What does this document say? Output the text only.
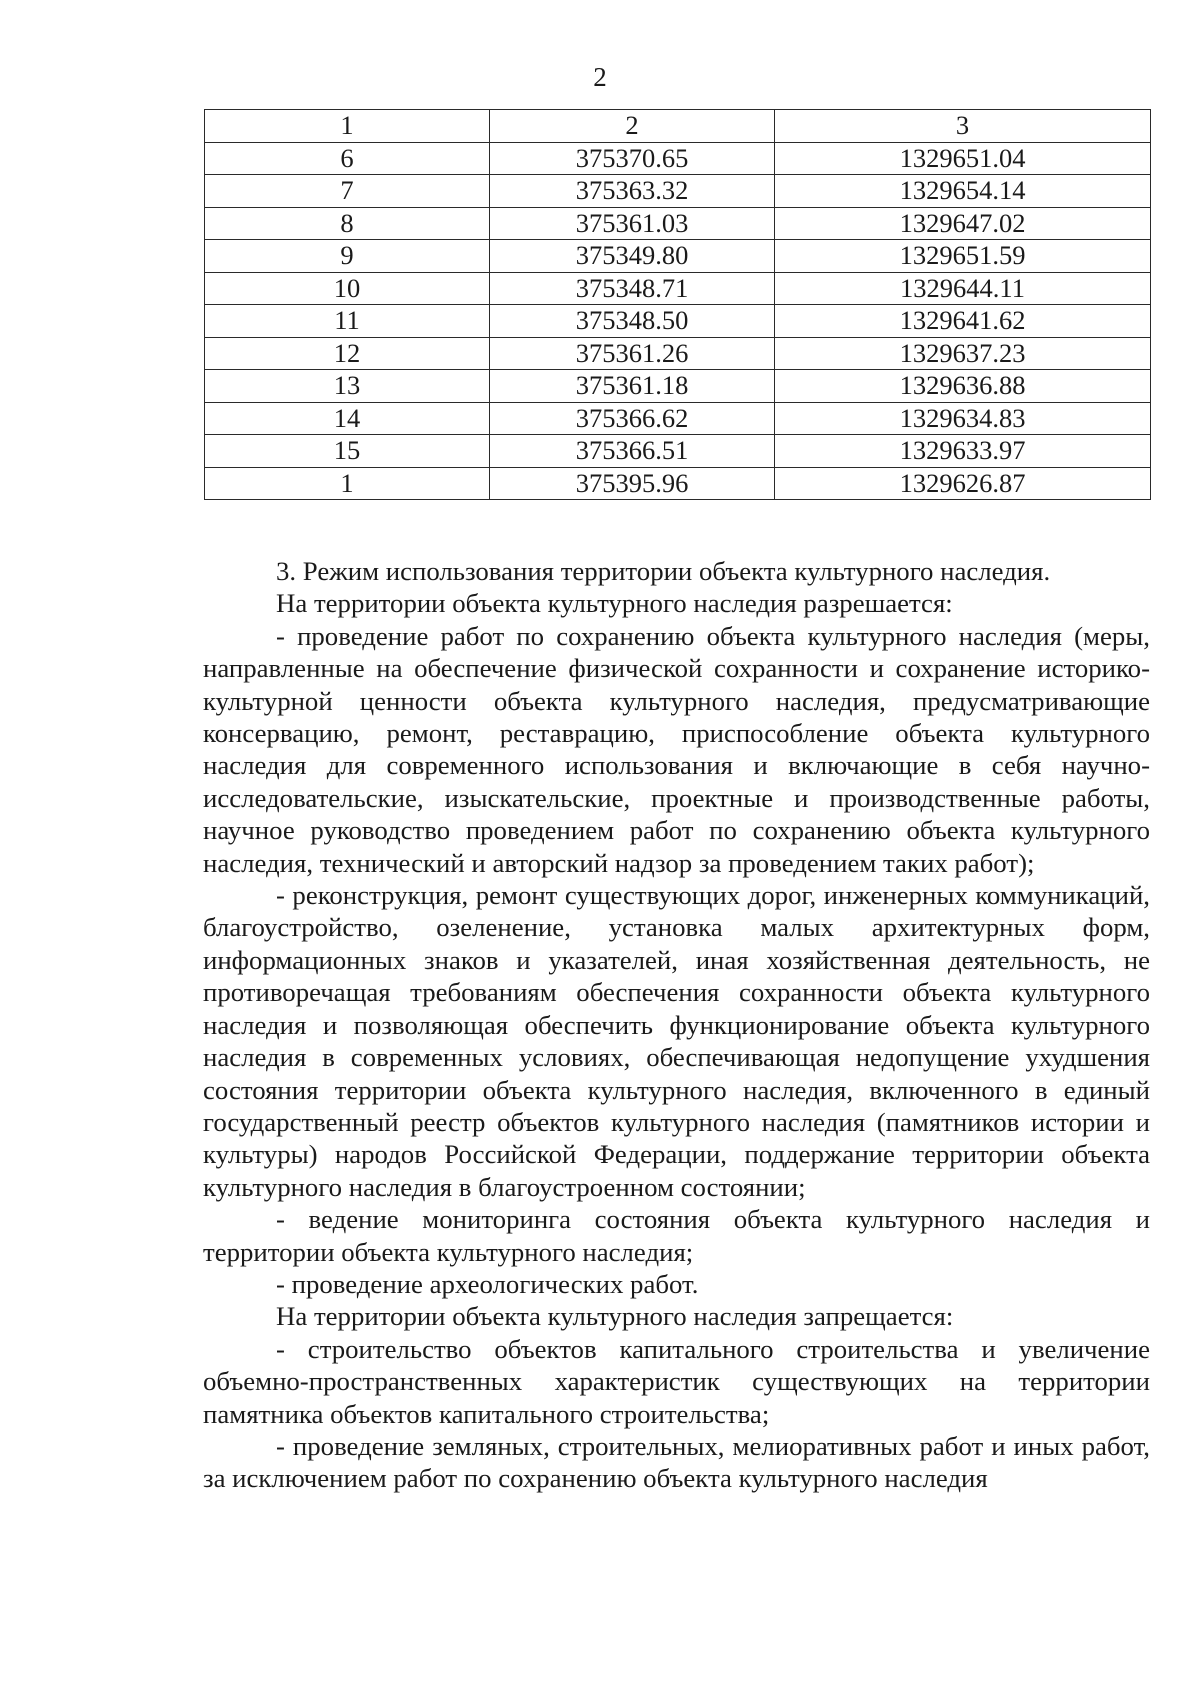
2
1	2	3
6	375370.65	1329651.04
7	375363.32	1329654.14
8	375361.03	1329647.02
9	375349.80	1329651.59
10	375348.71	1329644.11
11	375348.50	1329641.62
12	375361.26	1329637.23
13	375361.18	1329636.88
14	375366.62	1329634.83
15	375366.51	1329633.97
1	375395.96	1329626.87

3. Режим использования территории объекта культурного наследия.

На территории объекта культурного наследия разрешается:

- проведение работ по сохранению объекта культурного наследия (меры, направленные на обеспечение физической сохранности и сохранение историко-культурной ценности объекта культурного наследия, предусматривающие консервацию, ремонт, реставрацию, приспособление объекта культурного наследия для современного использования и включающие в себя научно-исследовательские, изыскательские, проектные и производственные работы, научное руководство проведением работ по сохранению объекта культурного наследия, технический и авторский надзор за проведением таких работ);

- реконструкция, ремонт существующих дорог, инженерных коммуникаций, благоустройство, озеленение, установка малых архитектурных форм, информационных знаков и указателей, иная хозяйственная деятельность, не противоречащая требованиям обеспечения сохранности объекта культурного наследия и позволяющая обеспечить функционирование объекта культурного наследия в современных условиях, обеспечивающая недопущение ухудшения состояния территории объекта культурного наследия, включенного в единый государственный реестр объектов культурного наследия (памятников истории и культуры) народов Российской Федерации, поддержание территории объекта культурного наследия в благоустроенном состоянии;

- ведение мониторинга состояния объекта культурного наследия и территории объекта культурного наследия;

- проведение археологических работ.

На территории объекта культурного наследия запрещается:

- строительство объектов капитального строительства и увеличение объемно-пространственных характеристик существующих на территории памятника объектов капитального строительства;

- проведение земляных, строительных, мелиоративных работ и иных работ, за исключением работ по сохранению объекта культурного наследия
